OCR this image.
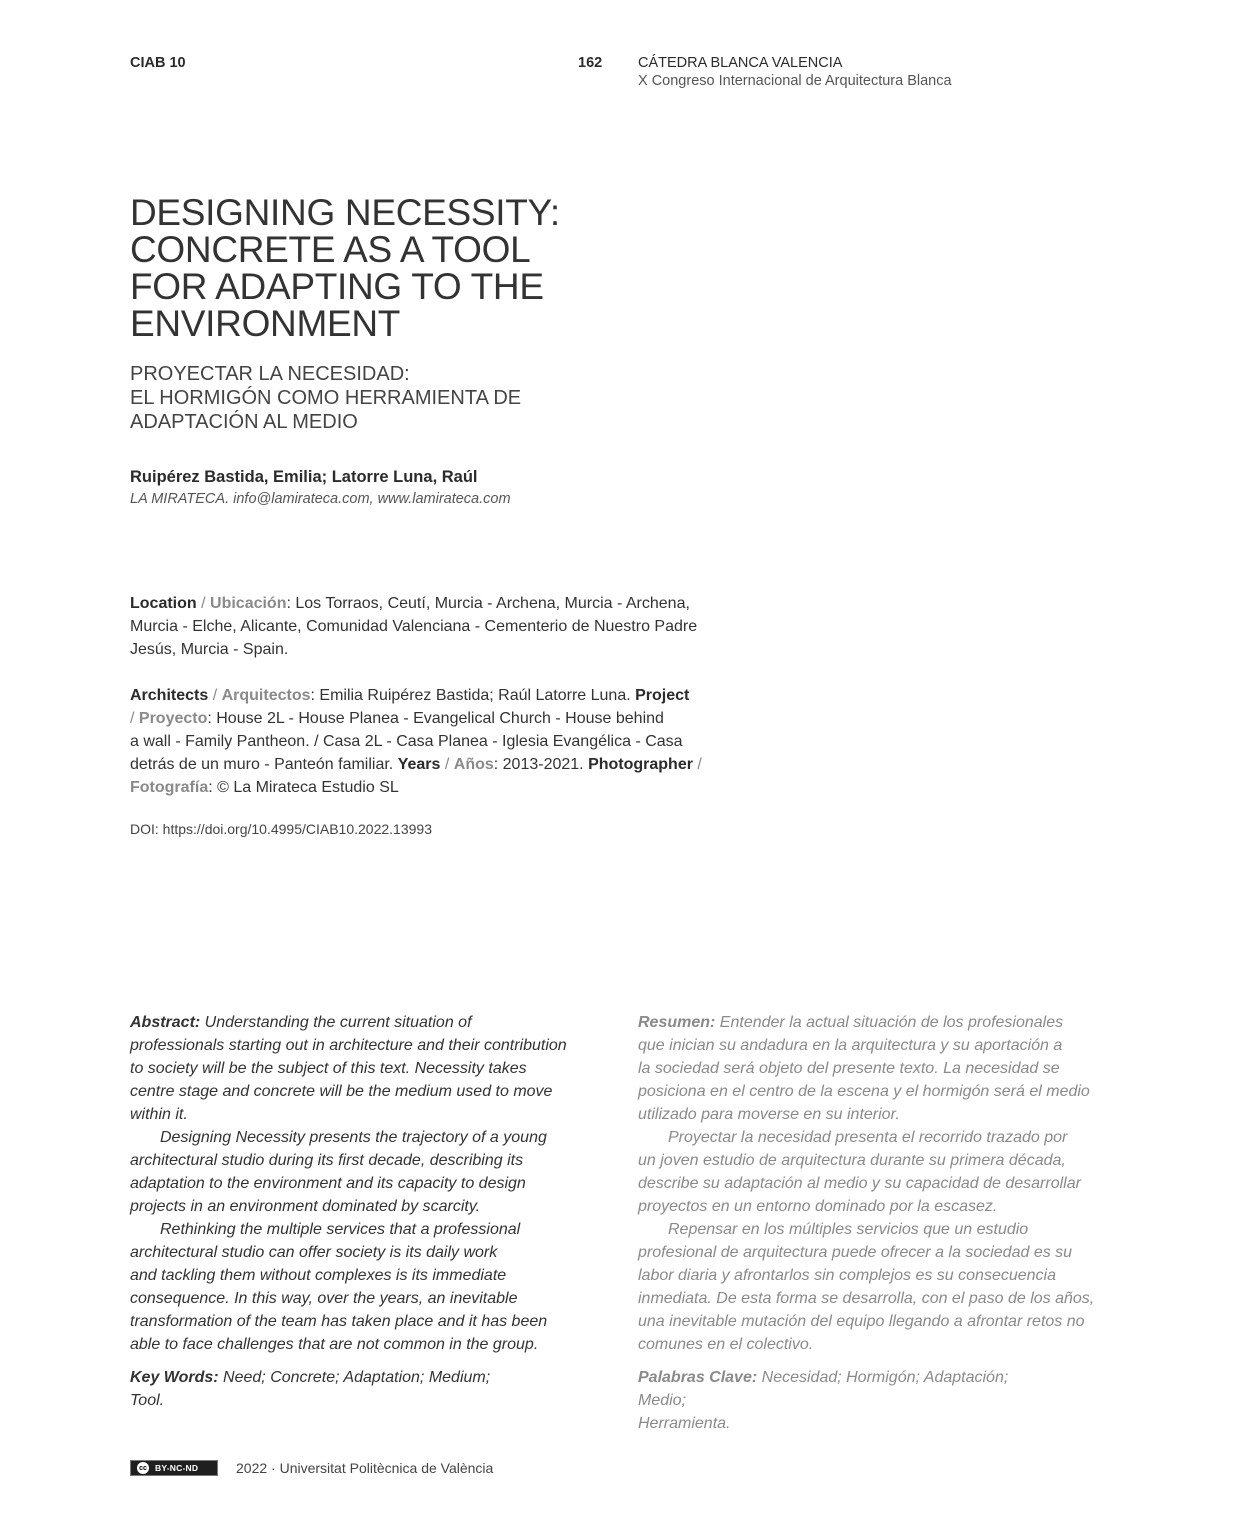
CIAB 10	162 CÁTEDRA BLANCA VALENCIA
X Congreso Internacional de Arquitectura Blanca
DESIGNING NECESSITY:
CONCRETE AS A TOOL
FOR ADAPTING TO THE
ENVIRONMENT
PROYECTAR LA NECESIDAD:
EL HORMIGÓN COMO HERRAMIENTA DE
ADAPTACIÓN AL MEDIO
Ruipérez Bastida, Emilia; Latorre Luna, Raúl
LA MIRATECA. info@lamirateca.com, www.lamirateca.com
Location / Ubicación: Los Torraos, Ceutí, Murcia - Archena, Murcia - Archena,
Murcia - Elche, Alicante, Comunidad Valenciana - Cementerio de Nuestro Padre
Jesús, Murcia - Spain.
Architects / Arquitectos: Emilia Ruipérez Bastida; Raúl Latorre Luna. Project
/ Proyecto: House 2L - House Planea - Evangelical Church - House behind
a wall - Family Pantheon. / Casa 2L - Casa Planea - Iglesia Evangélica - Casa
detrás de un muro - Panteón familiar. Years / Años: 2013-2021. Photographer /
Fotografía: © La Mirateca Estudio SL
DOI: https://doi.org/10.4995/CIAB10.2022.13993

Abstract: Understanding the current situation of
professionals starting out in architecture and their contribution
to society will be the subject of this text. Necessity takes
centre stage and concrete will be the medium used to move
within it.

Designing Necessity presents the trajectory of a young
architectural studio during its first decade, describing its
adaptation to the environment and its capacity to design
projects in an environment dominated by scarcity.

Rethinking the multiple services that a professional
architectural studio can offer society is its daily work
and tackling them without complexes is its immediate
consequence. In this way, over the years, an inevitable
transformation of the team has taken place and it has been
able to face challenges that are not common in the group.

Key Words: Need; Concrete; Adaptation; Medium;
Tool.

Resumen: Entender la actual situación de los profesionales
que inician su andadura en la arquitectura y su aportación a
la sociedad será objeto del presente texto. La necesidad se
posiciona en el centro de la escena y el hormigón será el medio
utilizado para moverse en su interior.

Proyectar la necesidad presenta el recorrido trazado por
un joven estudio de arquitectura durante su primera década,
describe su adaptación al medio y su capacidad de desarrollar
proyectos en un entorno dominado por la escasez.

Repensar en los múltiples servicios que un estudio
profesional de arquitectura puede ofrecer a la sociedad es su
labor diaria y afrontarlos sin complejos es su consecuencia
inmediata. De esta forma se desarrolla, con el paso de los años,
una inevitable mutación del equipo llegando a afrontar retos no
comunes en el colectivo.

Palabras Clave: Necesidad; Hormigón; Adaptación; Medio;
Herramienta.
cc BY-NC-ND	2022 · Universitat Politècnica de València
